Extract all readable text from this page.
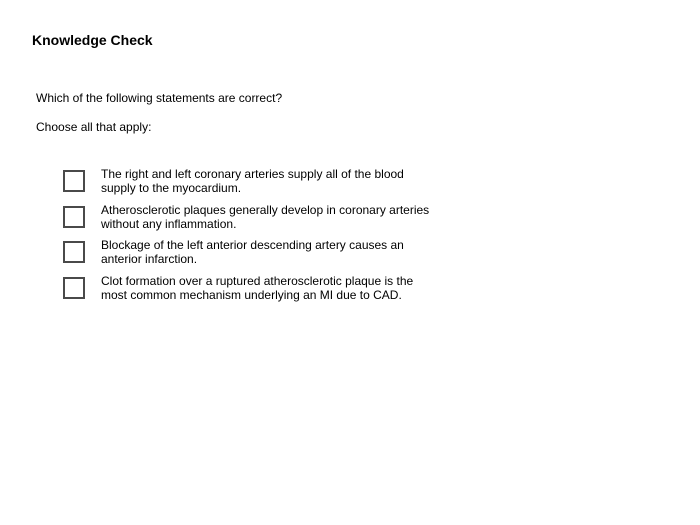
Knowledge Check
Which of the following statements are correct?
Choose all that apply:
The right and left coronary arteries supply all of the blood supply to the myocardium.
Atherosclerotic plaques generally develop in coronary arteries without any inflammation.
Blockage of the left anterior descending artery causes an anterior infarction.
Clot formation over a ruptured atherosclerotic plaque is the most common mechanism underlying an MI due to CAD.
